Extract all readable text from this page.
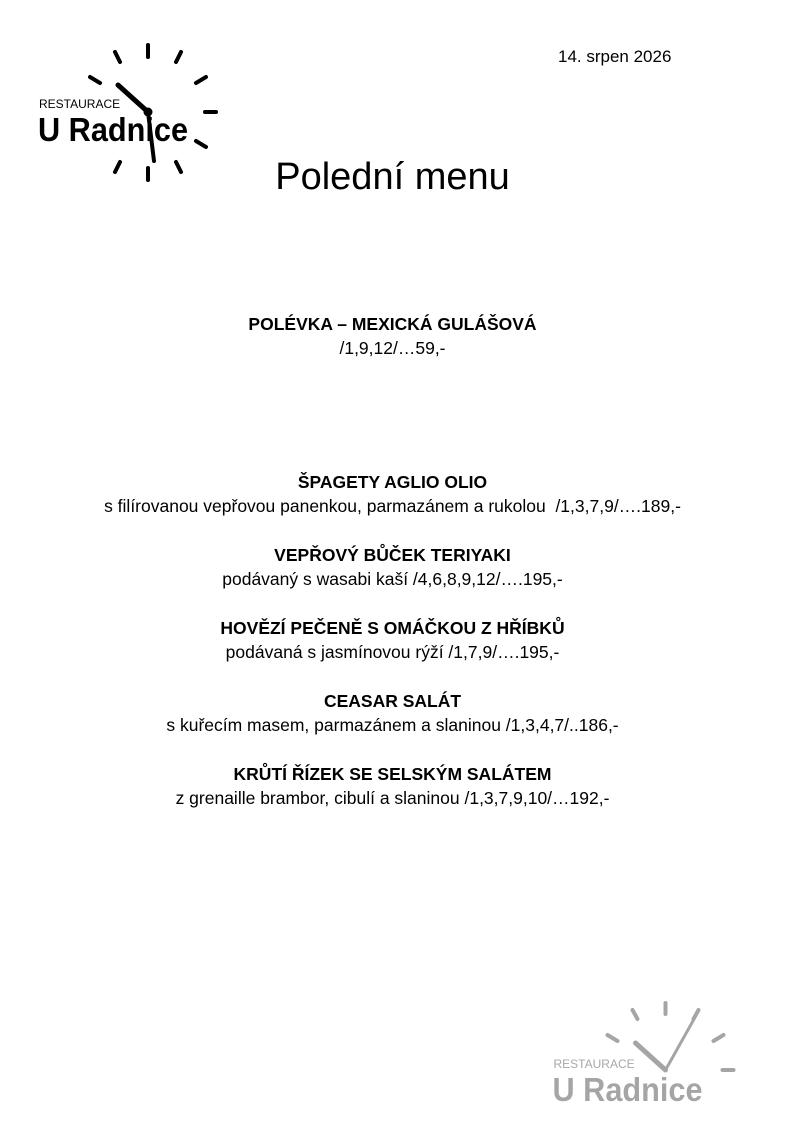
RESTAURACE
U Radnice
14. srpen 2026
Polední menu
POLÉVKA – MEXICKÁ GULÁŠOVÁ
/1,9,12/…59,-
ŠPAGETY AGLIO OLIO
s filírovanou vepřovou panenkou, parmazánem a rukolou  /1,3,7,9/….189,-
VEPŘOVÝ BŮČEK TERIYAKI
podávaný s wasabi kaší /4,6,8,9,12/….195,-
HOVĚZÍ PEČENĚ S OMÁČKOU Z HŘÍBKŮ
podávaná s jasmínovou rýží /1,7,9/….195,-
CEASAR SALÁT
s kuřecím masem, parmazánem a slaninou /1,3,4,7/..186,-
KRŮTÍ ŘÍZEK SE SELSKÝM SALÁTEM
z grenaille brambor, cibulí a slaninou /1,3,7,9,10/…192,-
RESTAURACE
U Radnice
